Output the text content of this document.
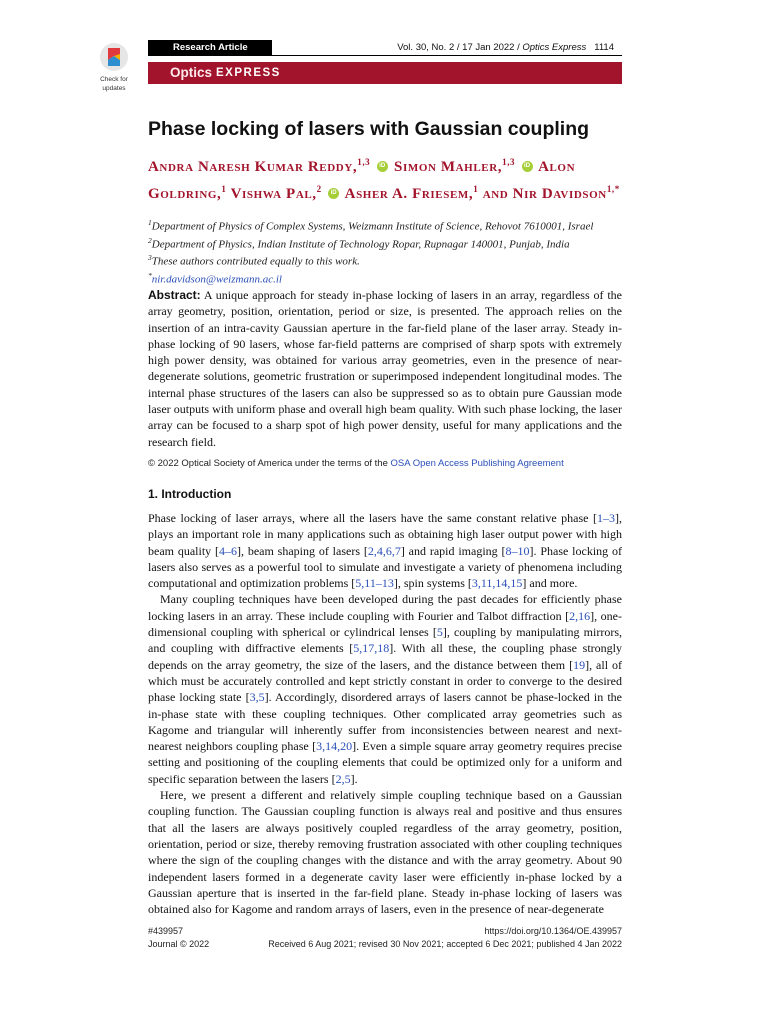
Check for
updates
Research Article	Vol. 30, No. 2 / 17 Jan 2022 / Optics Express 1114
Optics EXPRESS
Phase locking of lasers with Gaussian coupling
Andra Naresh Kumar Reddy,$^{1,3}$ iD Simon Mahler,$^{1,3}$ iD Alon Goldring,$^1$ Vishwa Pal,$^2$ iD Asher A. Friesem,$^1$ and Nir Davidson$^{1,*}$
$^1$Department of Physics of Complex Systems, Weizmann Institute of Science, Rehovot 7610001, Israel
$^2$Department of Physics, Indian Institute of Technology Ropar, Rupnagar 140001, Punjab, India
$^3$These authors contributed equally to this work.
*nir.davidson@weizmann.ac.il
Abstract: A unique approach for steady in-phase locking of lasers in an array, regardless of the array geometry, position, orientation, period or size, is presented. The approach relies on the insertion of an intra-cavity Gaussian aperture in the far-field plane of the laser array. Steady in-phase locking of 90 lasers, whose far-field patterns are comprised of sharp spots with extremely high power density, was obtained for various array geometries, even in the presence of near-degenerate solutions, geometric frustration or superimposed independent longitudinal modes. The internal phase structures of the lasers can also be suppressed so as to obtain pure Gaussian mode laser outputs with uniform phase and overall high beam quality. With such phase locking, the laser array can be focused to a sharp spot of high power density, useful for many applications and the research field.
© 2022 Optical Society of America under the terms of the OSA Open Access Publishing Agreement
1. Introduction

Phase locking of laser arrays, where all the lasers have the same constant relative phase [1–3], plays an important role in many applications such as obtaining high laser output power with high beam quality [4–6], beam shaping of lasers [2,4,6,7] and rapid imaging [8–10]. Phase locking of lasers also serves as a powerful tool to simulate and investigate a variety of phenomena including computational and optimization problems [5,11–13], spin systems [3,11,14,15] and more.

Many coupling techniques have been developed during the past decades for efficiently phase locking lasers in an array. These include coupling with Fourier and Talbot diffraction [2,16], one-dimensional coupling with spherical or cylindrical lenses [5], coupling by manipulating mirrors, and coupling with diffractive elements [5,17,18]. With all these, the coupling phase strongly depends on the array geometry, the size of the lasers, and the distance between them [19], all of which must be accurately controlled and kept strictly constant in order to converge to the desired phase locking state [3,5]. Accordingly, disordered arrays of lasers cannot be phase-locked in the in-phase state with these coupling techniques. Other complicated array geometries such as Kagome and triangular will inherently suffer from inconsistencies between nearest and next-nearest neighbors coupling phase [3,14,20]. Even a simple square array geometry requires precise setting and positioning of the coupling elements that could be optimized only for a uniform and specific separation between the lasers [2,5].

Here, we present a different and relatively simple coupling technique based on a Gaussian coupling function. The Gaussian coupling function is always real and positive and thus ensures that all the lasers are always positively coupled regardless of the array geometry, position, orientation, period or size, thereby removing frustration associated with other coupling techniques where the sign of the coupling changes with the distance and with the array geometry. About 90 independent lasers formed in a degenerate cavity laser were efficiently in-phase locked by a Gaussian aperture that is inserted in the far-field plane. Steady in-phase locking of lasers was obtained also for Kagome and random arrays of lasers, even in the presence of near-degenerate

#439957	https://doi.org/10.1364/OE.439957
Journal © 2022	Received 6 Aug 2021; revised 30 Nov 2021; accepted 6 Dec 2021; published 4 Jan 2022
